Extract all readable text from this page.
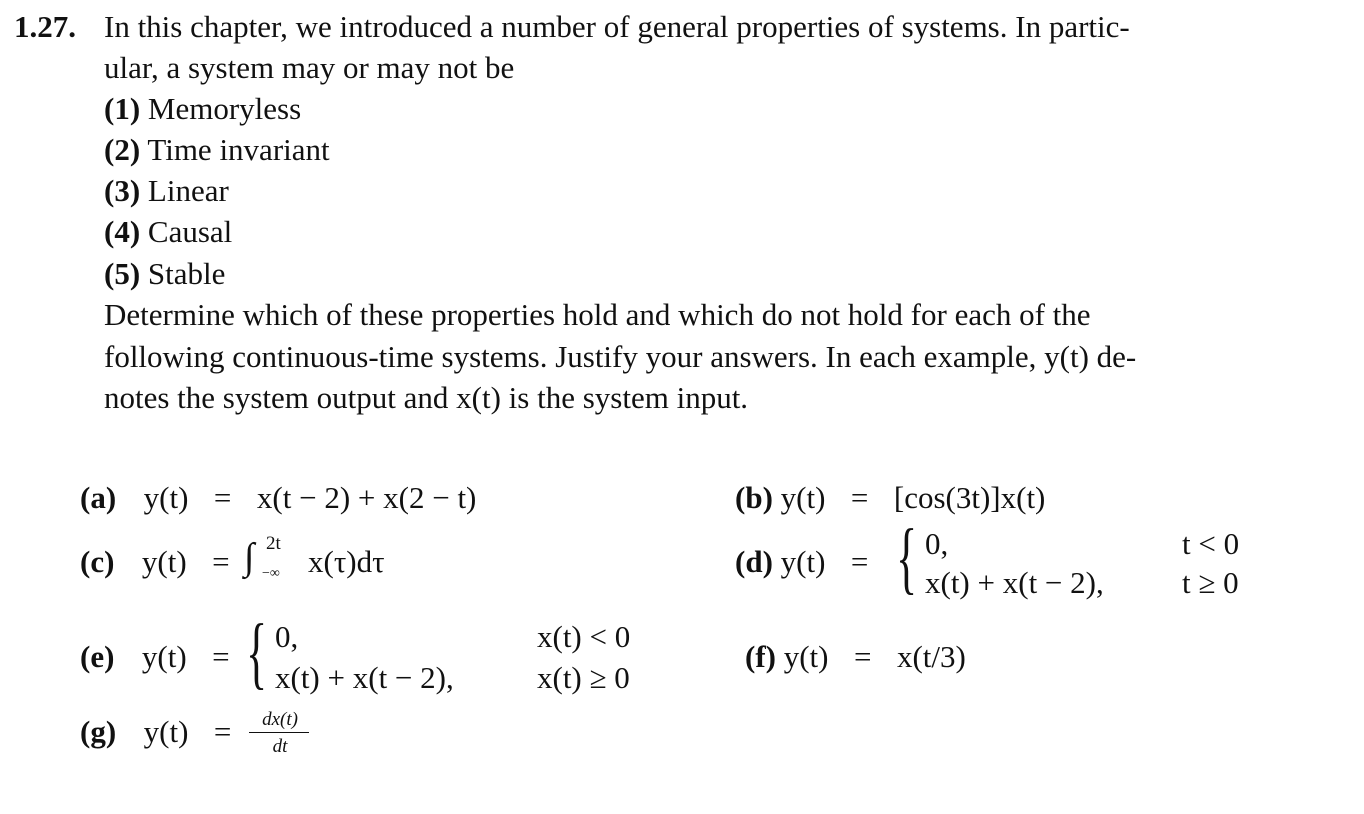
1.27. In this chapter, we introduced a number of general properties of systems. In partic-
ular, a system may or may not be
(1) Memoryless
(2) Time invariant
(3) Linear
(4) Causal
(5) Stable
Determine which of these properties hold and which do not hold for each of the
following continuous-time systems. Justify your answers. In each example, y(t) de-
notes the system output and x(t) is the system input.
(a) y(t) = x(t − 2) + x(2 − t)	(b) y(t) = [cos(3t)]x(t)
(c) y(t) = ∫ 2t
−∞ x(τ)dτ	(d) y(t) = { 0,	t < 0
x(t) + x(t − 2),	t ≥ 0
(e) y(t) = { 0,	x(t) < 0
x(t) + x(t − 2),	x(t) ≥ 0
(f) y(t) = x(t/3)
(g) y(t) =	dx(t)
dt
